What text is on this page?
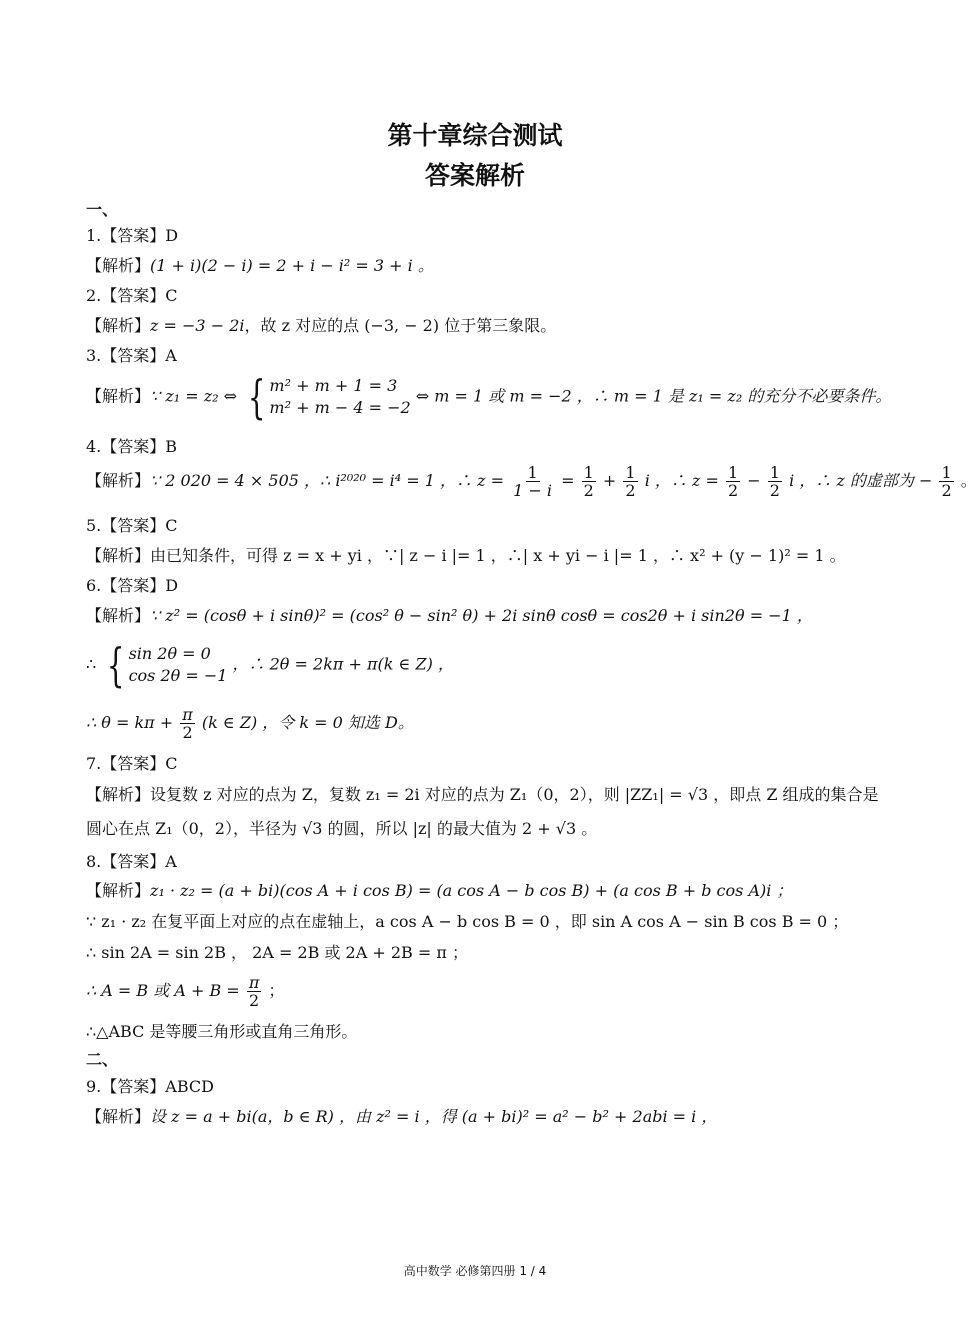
第十章综合测试
答案解析
一、
1.【答案】D
【解析】(1 + i)(2 − i) = 2 + i − i² = 3 + i 。
2.【答案】C
【解析】z = −3 − 2i，故 z 对应的点 (−3, − 2) 位于第三象限。
3.【答案】A
【解析】∵ z₁ = z₂ ⇔ { m² + m + 1 = 3
m² + m − 4 = −2
⇔ m = 1 或 m = −2 ，∴ m = 1 是 z₁ = z₂ 的充分不必要条件。
4.【答案】B
【解析】∵ 2 020 = 4 × 505 ，∴ i²⁰²⁰ = i⁴ = 1 ，∴ $z = \frac{1}{1 - i} = \frac{1}{2} + \frac{1}{2}$ i ，∴ $z = \frac{1}{2} - \frac{1}{2}$ i ，∴ z 的虚部为 − $\frac{1}{2}$ 。
5.【答案】C
【解析】由已知条件，可得 z = x + yi ，∵| z − i |= 1 ，∴| x + yi − i |= 1 ，∴ x² + (y − 1)² = 1 。
6.【答案】D
【解析】∵ z² = (cosθ + i sinθ)² = (cos² θ − sin² θ) + 2i sinθ cosθ = cos2θ + i sin2θ = −1 ，
∴ { sin 2θ = 0
cos 2θ = −1
，∴ 2θ = 2kπ + π(k ∈ Z) ，
∴ $\theta = k\pi + \frac{\pi}{2} (k$ ∈ Z) ，令 k = 0 知选 D。
7.【答案】C
【解析】设复数 z 对应的点为 Z，复数 z₁ = 2i 对应的点为 Z₁（0，2），则 |ZZ₁| = √3 ，即点 Z 组成的集合是
圆心在点 Z₁（0，2），半径为 √3 的圆，所以 |z| 的最大值为 2 + √3 。
8.【答案】A
【解析】z₁ · z₂ = (a + bi)(cos A + i cos B) = (a cos A − b cos B) + (a cos B + b cos A)i ；
∵ z₁ · z₂ 在复平面上对应的点在虚轴上，a cos A − b cos B = 0 ，即 sin A cos A − sin B cos B = 0 ；
∴ sin 2A = sin 2B ， 2A = 2B 或 2A + 2B = π ；
∴ A = B 或 $A + B = \frac{\pi}{2}$ ；
∴△ABC 是等腰三角形或直角三角形。
二、
9.【答案】ABCD
【解析】设 z = a + bi(a，b ∈ R) ，由 z² = i ，得 (a + bi)² = a² − b² + 2abi = i ，
高中数学 必修第四册 1 / 4
